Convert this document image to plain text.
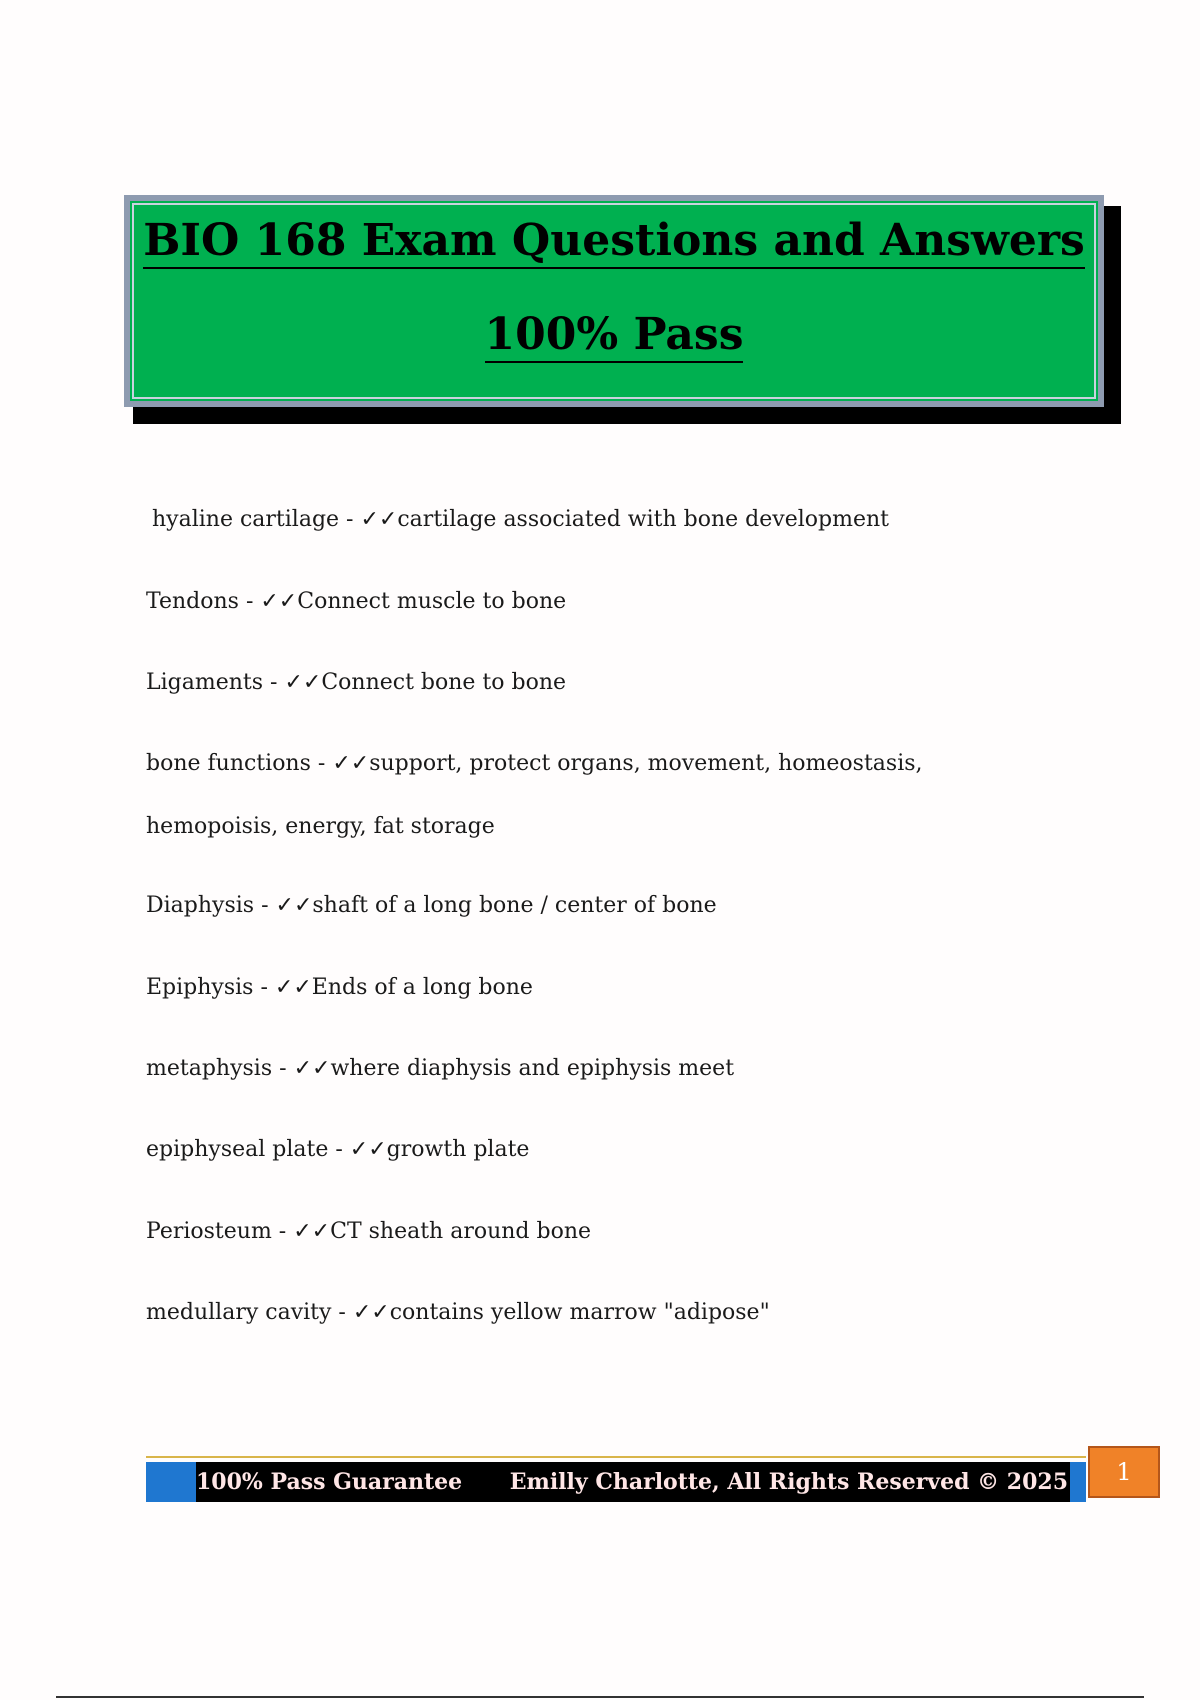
BIO 168 Exam Questions and Answers
100% Pass
hyaline cartilage - ✓✓cartilage associated with bone development
Tendons - ✓✓Connect muscle to bone
Ligaments - ✓✓Connect bone to bone
bone functions - ✓✓support, protect organs, movement, homeostasis, hemopoisis, energy, fat storage
Diaphysis - ✓✓shaft of a long bone / center of bone
Epiphysis - ✓✓Ends of a long bone
metaphysis - ✓✓where diaphysis and epiphysis meet
epiphyseal plate - ✓✓growth plate
Periosteum - ✓✓CT sheath around bone
medullary cavity - ✓✓contains yellow marrow "adipose"
100% Pass Guarantee Emilly Charlotte, All Rights Reserved © 2025	1
